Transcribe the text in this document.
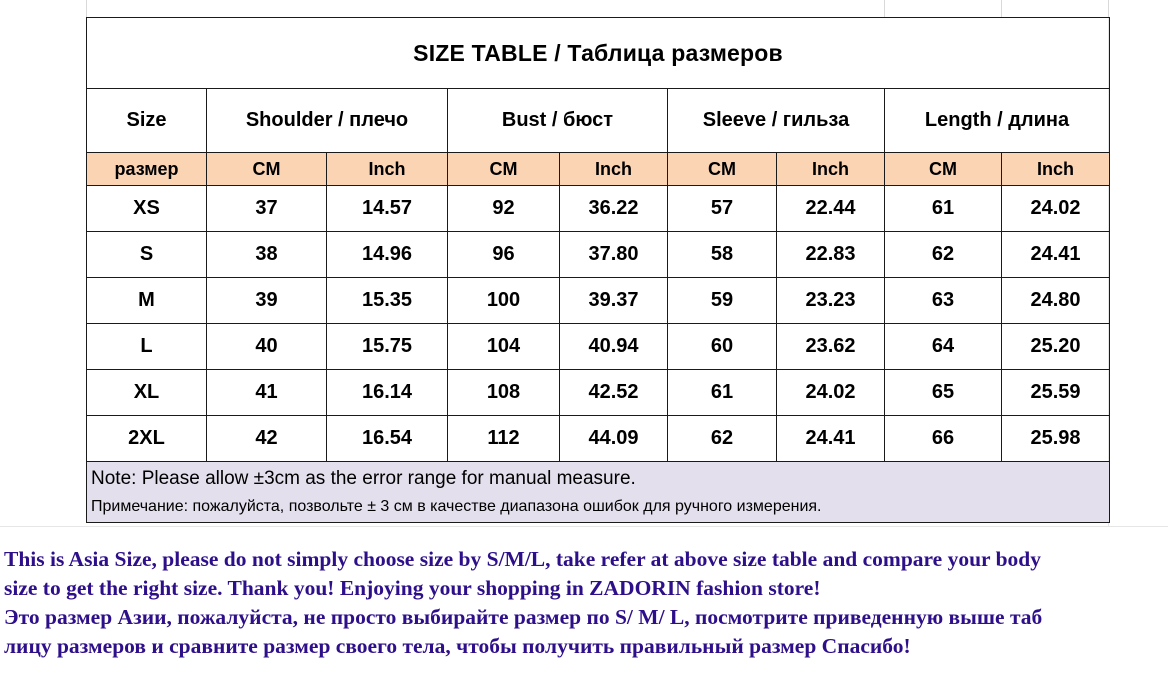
SIZE TABLE / Таблица размеров								
Size	Shoulder / плечо		Bust / бюст		Sleeve / гильза		Length / длина	
размер	CM	Inch	CM	Inch	CM	Inch	CM	Inch
XS	37	14.57	92	36.22	57	22.44	61	24.02
S	38	14.96	96	37.80	58	22.83	62	24.41
M	39	15.35	100	39.37	59	23.23	63	24.80
L	40	15.75	104	40.94	60	23.62	64	25.20
XL	41	16.14	108	42.52	61	24.02	65	25.59
2XL	42	16.54	112	44.09	62	24.41	66	25.98

Note: Please allow ±3cm as the error range for manual measure.
Примечание: пожалуйста, позвольте ± 3 см в качестве диапазона ошибок для ручного измерения.								
This is Asia Size, please do not simply choose size by S/M/L, take refer at above size table and compare your body
size to get the right size. Thank you! Enjoying your shopping in ZADORIN fashion store!
Это размер Азии, пожалуйста, не просто выбирайте размер по S/ M/ L, посмотрите приведенную выше таб
лицу размеров и сравните размер своего тела, чтобы получить правильный размер Спасибо!
